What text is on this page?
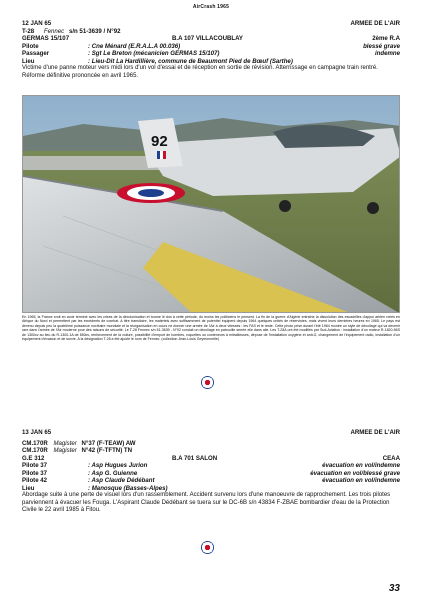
AirCrash 1965
12 JAN 65	ARMEE DE L'AIR
T-28 Fennec s/n 51-3639 / N°92
GERMAS 15/107	B.A 107 VILLACOUBLAY	2ème R.A
Pilote	: Cne Ménard (E.R.A.L.A 00.036)	blessé grave
Passager	: Sgt Le Breton (mécanicien GERMAS 15/107)	indemne
Lieu	: Lieu-Dit La Hardillière, commune de Beaumont Pied de Bœuf (Sarthe)
Victime d'une panne moteur vers midi lors d'un vol d'essai et de réception en sortie de révision. Atterrissage en campagne train rentré. Réforme définitive prononcée en avril 1965.
92
En 1965, la France croit en avoir terminé avec les crises de la décolonisation et tourne le dos à cette période, du moins les politiciens le pensent. La fin de la guerre d'Algérie entraîne la dissolution des escadrilles d'appui aérien créés en Afrique du Nord et permettent par les excédents de combat. A titre transitoire, les matériels avec suffisamment de potentiel équipent depuis 1964 quelques unités de réservistes, mais vivent leurs dernières heures en 1965. Le pays est devenu depuis peu la quatrième puissance nucléaire mondiale et la réorganisation en cours ne donner une armée de l'Air à deux vitesses : les FAS et le reste. Cette photo prise durant l'été 1964 montre un style de décollage qui va devenir rare dans l'armée de l'Air moderne pour des raisons de sécurité. Le T-28 Fennec s/n 51-3639 - N°92 conduit un décollage en patrouille serrée elle dans aile. Les T-28A ont été modifiés par Sud-Aviation : installation d'un moteur R-1820-56S de 1300cv au lieu du R-1300-1A de 850cv, renforcement de la voilure, possibilité d'emport de bombes, roquettes ou conteneurs à mitrailleuses, dépose de l'installation oxygène et anti-G, changement de l'équipement radio, installation d'un équipement d'évasion et de survie. A la désignation T-28 a été ajouté le nom de Fennec. (collection Jean-Louis Geymonnetle)
13 JAN 65	ARMEE DE L'AIR
CM.170R Magister N°37 (F-TEAW) AW
CM.170R Magister N°42 (F-TFTN) TN
G.E 312	B.A 701 SALON	CEAA
Pilote 37	: Asp Hugues Jurion	évacuation en vol/indemne
Pilote 37	: Asp G. Guienne	évacuation en vol/blessé grave
Pilote 42	: Asp Claude Dédébant	évacuation en vol/indemne
Lieu	: Manosque (Basses-Alpes)
Abordage suite à une perte de visuel lors d'un rassemblement. Accident survenu lors d'une manoeuvre de rapprochement. Les trois pilotes parviennent à évacuer les Fouga. L'Aspirant Claude Dédébant se tuera sur le DC-6B s/n 43834 F-ZBAE bombardier d'eau de la Protection Civile le 22 avril 1985 à Fitou.
33
